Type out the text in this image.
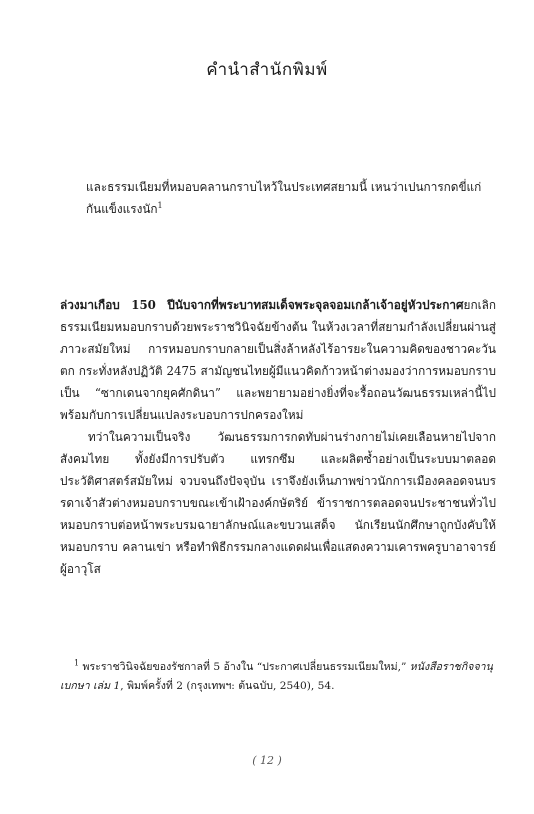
คำนำสำนักพิมพ์
และธรรมเนียมที่หมอบคลานกราบไหว้ในประเทศสยามนี้ เหนว่าเปนการกดขี่แก่กันแข็งแรงนัก$^1$

ล่วงมาเกือบ 150 ปีนับจากที่พระบาทสมเด็จพระจุลจอมเกล้าเจ้าอยู่หัวประกาศยกเลิกธรรมเนียมหมอบกราบด้วยพระราชวินิจฉัยข้างต้น ในห้วงเวลาที่สยามกำลังเปลี่ยนผ่านสู่ภาวะสมัยใหม่ การหมอบกราบกลายเป็นสิ่งล้าหลังไร้อารยะในความคิดของชาวคะวันตก กระทั่งหลังปฏิวัติ 2475 สามัญชนไทยผู้มีแนวคิดก้าวหน้าต่างมองว่าการหมอบกราบเป็น “ซากเดนจากยุคศักดินา” และพยายามอย่างยิ่งที่จะรื้อถอนวัฒนธรรมเหล่านี้ไปพร้อมกับการเปลี่ยนแปลงระบอบการปกครองใหม่

ทว่าในความเป็นจริง วัฒนธรรมการกดทับผ่านร่างกายไม่เคยเลือนหายไปจากสังคมไทย ทั้งยังมีการปรับตัว แทรกซึม และผลิตซ้ำอย่างเป็นระบบมาตลอดประวัติศาสตร์สมัยใหม่ จวบจนถึงปัจจุบัน เราจึงยังเห็นภาพข่าวนักการเมืองคลอดจนบรรดาเจ้าสัวต่างหมอบกราบขณะเข้าเฝ้าองค์กษัตริย์ ข้าราชการตลอดจนประชาชนทั่วไปหมอบกราบต่อหน้าพระบรมฉายาลักษณ์และขบวนเสด็จ นักเรียนนักศึกษาถูกบังคับให้หมอบกราบ คลานเข่า หรือทำพิธีกรรมกลางแดดฝนเพื่อแสดงความเคารพครูบาอาจารย์ผู้อาวุโส

$^1$ พระราชวินิจฉัยของรัชกาลที่ 5 อ้างใน “ประกาศเปลี่ยนธรรมเนียมใหม่,” หนังสือราชกิจจานุเบกษา เล่ม 1, พิมพ์ครั้งที่ 2 (กรุงเทพฯ: ต้นฉบับ, 2540), 54.
( 12 )
